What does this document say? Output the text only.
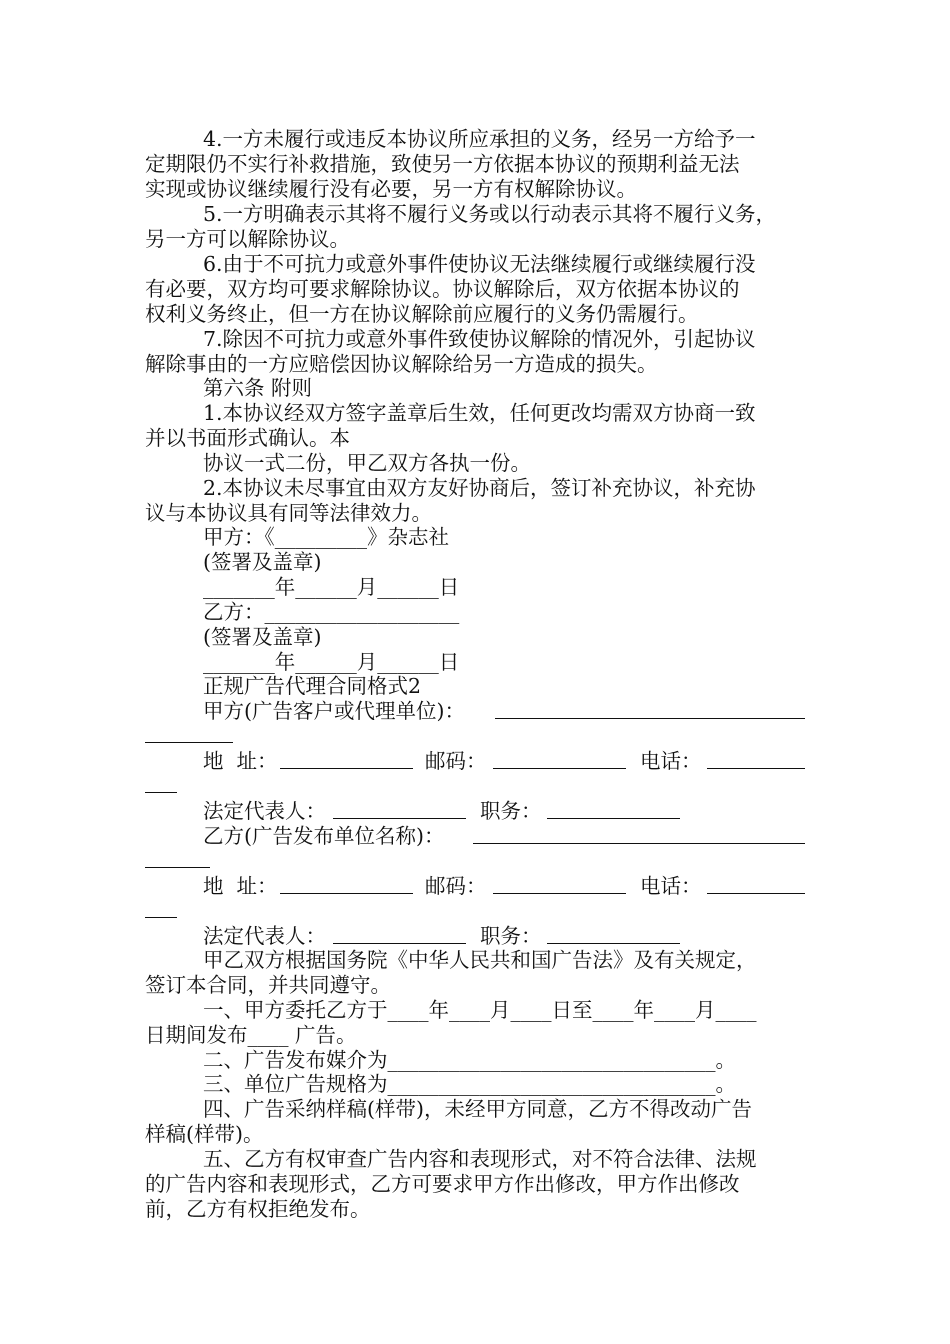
4.一方未履行或违反本协议所应承担的义务，经另一方给予一
定期限仍不实行补救措施，致使另一方依据本协议的预期利益无法
实现或协议继续履行没有必要，另一方有权解除协议。
5.一方明确表示其将不履行义务或以行动表示其将不履行义务，
另一方可以解除协议。
6.由于不可抗力或意外事件使协议无法继续履行或继续履行没
有必要，双方均可要求解除协议。协议解除后，双方依据本协议的
权利义务终止，但一方在协议解除前应履行的义务仍需履行。
7.除因不可抗力或意外事件致使协议解除的情况外，引起协议
解除事由的一方应赔偿因协议解除给另一方造成的损失。
第六条 附则
1.本协议经双方签字盖章后生效，任何更改均需双方协商一致
并以书面形式确认。本
协议一式二份，甲乙双方各执一份。
2.本协议未尽事宜由双方友好协商后，签订补充协议，补充协
议与本协议具有同等法律效力。
甲方：《_________》杂志社
(签署及盖章)
_______年______月______日
乙方：___________________
(签署及盖章)
_______年______月______日
正规广告代理合同格式2
甲方(广告客户或代理单位)：
地  址：	邮码：	电话：
法定代表人：	职务：
乙方(广告发布单位名称)：
地  址：	邮码：	电话：
法定代表人：	职务：
甲乙双方根据国务院《中华人民共和国广告法》及有关规定，
签订本合同，并共同遵守。
一、甲方委托乙方于____年____月____日至____年____月____
日期间发布____ 广告。
二、广告发布媒介为________________________________。
三、单位广告规格为________________________________。
四、广告采纳样稿(样带)，未经甲方同意，乙方不得改动广告
样稿(样带)。
五、乙方有权审查广告内容和表现形式，对不符合法律、法规
的广告内容和表现形式，乙方可要求甲方作出修改，甲方作出修改
前，乙方有权拒绝发布。
